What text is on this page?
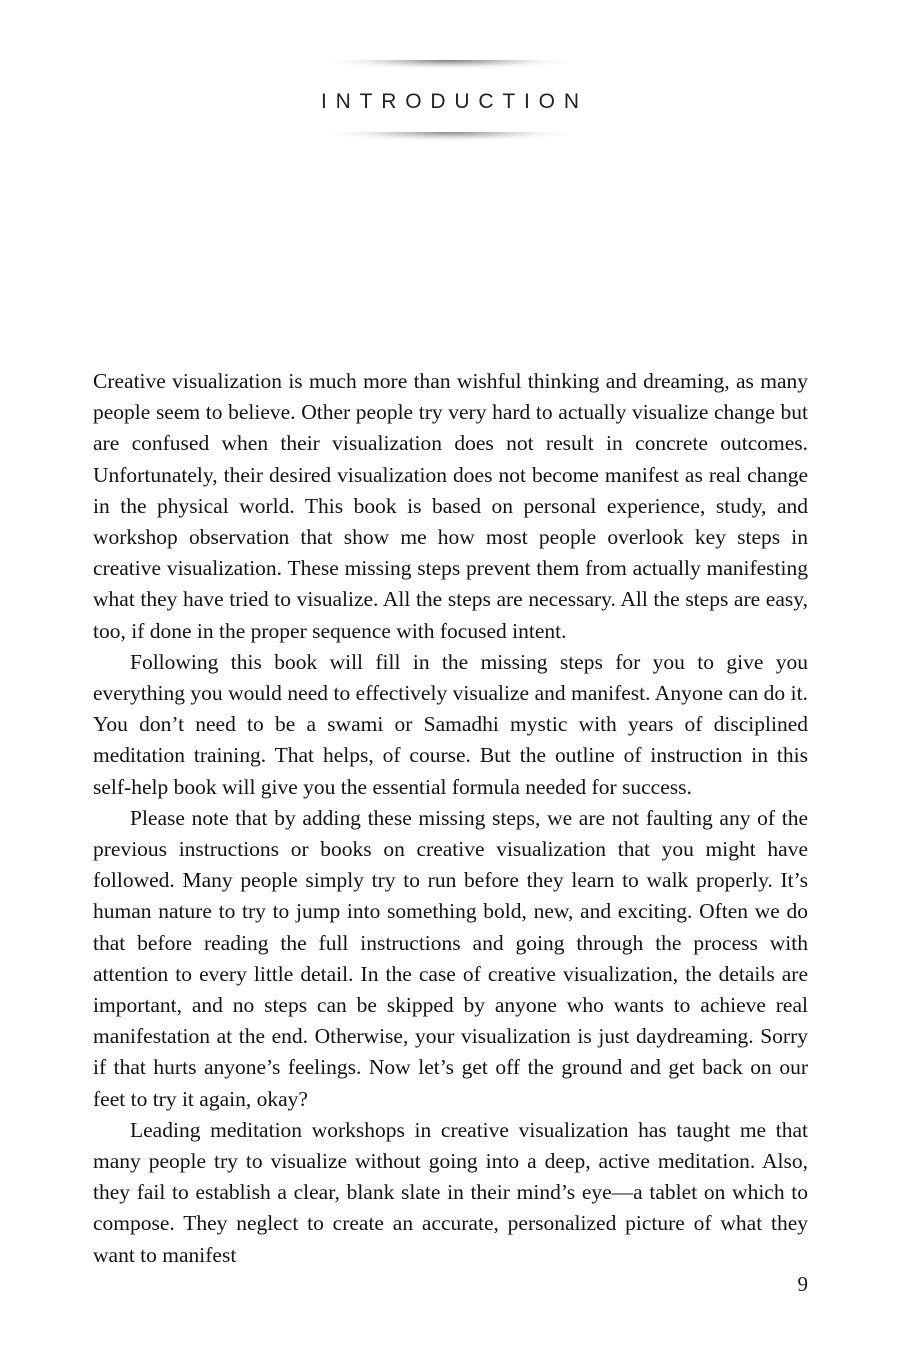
INTRODUCTION

Creative visualization is much more than wishful thinking and dreaming, as many people seem to believe. Other people try very hard to actually visualize change but are confused when their visualization does not result in concrete outcomes. Unfortunately, their desired visualization does not become manifest as real change in the physical world. This book is based on personal experience, study, and workshop observation that show me how most people overlook key steps in creative visualization. These missing steps prevent them from actually manifesting what they have tried to visualize. All the steps are necessary. All the steps are easy, too, if done in the proper sequence with focused intent.

Following this book will fill in the missing steps for you to give you everything you would need to effectively visualize and manifest. Anyone can do it. You don’t need to be a swami or Samadhi mystic with years of disciplined meditation training. That helps, of course. But the outline of instruction in this self-help book will give you the essential formula needed for success.

Please note that by adding these missing steps, we are not faulting any of the previous instructions or books on creative visualization that you might have followed. Many people simply try to run before they learn to walk properly. It’s human nature to try to jump into something bold, new, and exciting. Often we do that before reading the full instructions and going through the process with attention to every little detail. In the case of creative visualization, the details are important, and no steps can be skipped by anyone who wants to achieve real manifestation at the end. Otherwise, your visualization is just daydreaming. Sorry if that hurts anyone’s feelings. Now let’s get off the ground and get back on our feet to try it again, okay?

Leading meditation workshops in creative visualization has taught me that many people try to visualize without going into a deep, active meditation. Also, they fail to establish a clear, blank slate in their mind’s eye—a tablet on which to compose. They neglect to create an accurate, personalized picture of what they want to manifest

9
